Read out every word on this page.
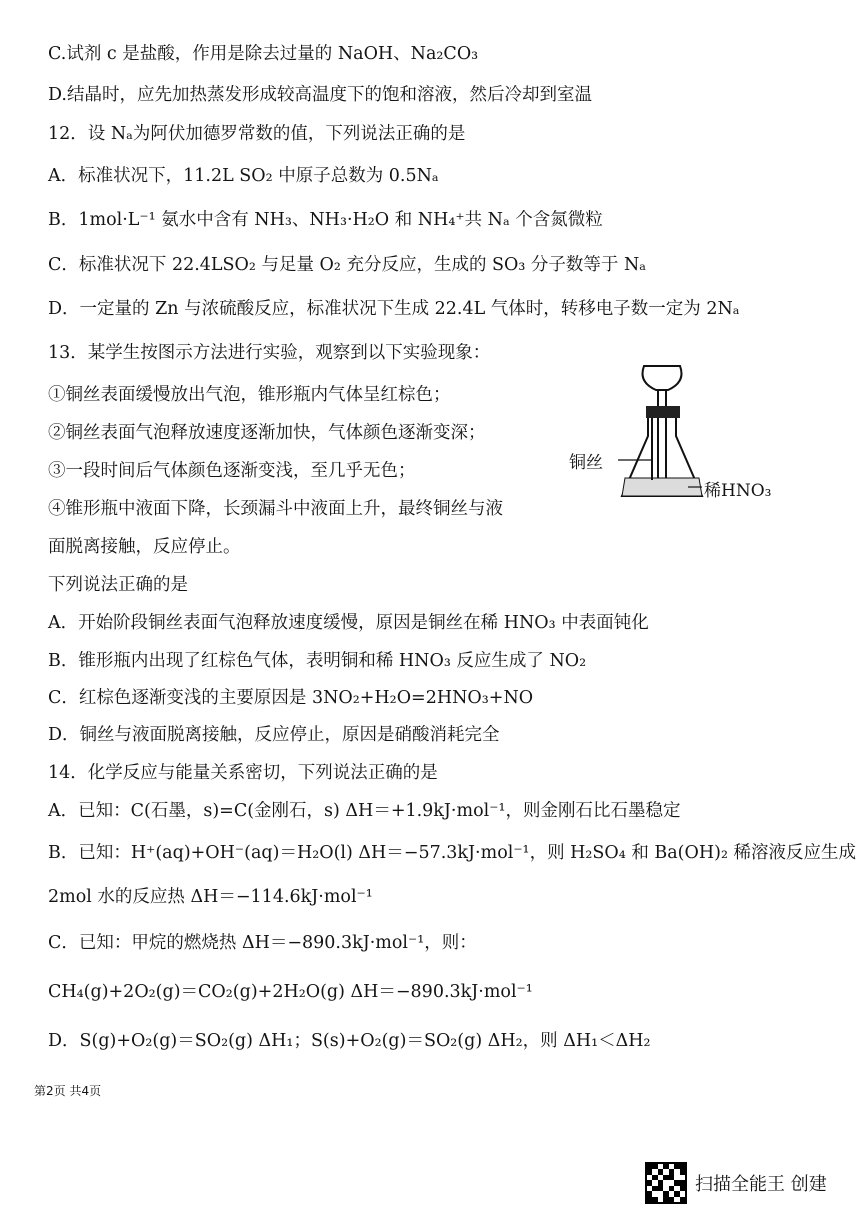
C.试剂 c 是盐酸，作用是除去过量的 NaOH、Na₂CO₃
D.结晶时，应先加热蒸发形成较高温度下的饱和溶液，然后冷却到室温
12．设 Nₐ为阿伏加德罗常数的值，下列说法正确的是
A．标准状况下，11.2L SO₂ 中原子总数为 0.5Nₐ
B．1mol·L⁻¹ 氨水中含有 NH₃、NH₃·H₂O 和 NH₄⁺共 Nₐ 个含氮微粒
C．标准状况下 22.4LSO₂ 与足量 O₂ 充分反应，生成的 SO₃ 分子数等于 Nₐ
D．一定量的 Zn 与浓硫酸反应，标准状况下生成 22.4L 气体时，转移电子数一定为 2Nₐ
13．某学生按图示方法进行实验，观察到以下实验现象：
①铜丝表面缓慢放出气泡，锥形瓶内气体呈红棕色；
②铜丝表面气泡释放速度逐渐加快，气体颜色逐渐变深；
③一段时间后气体颜色逐渐变浅，至几乎无色；
④锥形瓶中液面下降，长颈漏斗中液面上升，最终铜丝与液
面脱离接触，反应停止。
下列说法正确的是
A．开始阶段铜丝表面气泡释放速度缓慢，原因是铜丝在稀 HNO₃ 中表面钝化
B．锥形瓶内出现了红棕色气体，表明铜和稀 HNO₃ 反应生成了 NO₂
C．红棕色逐渐变浅的主要原因是 3NO₂+H₂O=2HNO₃+NO
D．铜丝与液面脱离接触，反应停止，原因是硝酸消耗完全
14．化学反应与能量关系密切，下列说法正确的是
A．已知：C(石墨，s)=C(金刚石，s) ΔH＝+1.9kJ·mol⁻¹，则金刚石比石墨稳定
B．已知：H⁺(aq)+OH⁻(aq)＝H₂O(l) ΔH＝−57.3kJ·mol⁻¹，则 H₂SO₄ 和 Ba(OH)₂ 稀溶液反应生成
2mol 水的反应热 ΔH＝−114.6kJ·mol⁻¹
C．已知：甲烷的燃烧热 ΔH＝−890.3kJ·mol⁻¹，则：
CH₄(g)+2O₂(g)＝CO₂(g)+2H₂O(g) ΔH＝−890.3kJ·mol⁻¹
D．S(g)+O₂(g)＝SO₂(g) ΔH₁；S(s)+O₂(g)＝SO₂(g) ΔH₂，则 ΔH₁＜ΔH₂
铜丝
稀HNO₃
第2页 共4页
扫描全能王 创建
